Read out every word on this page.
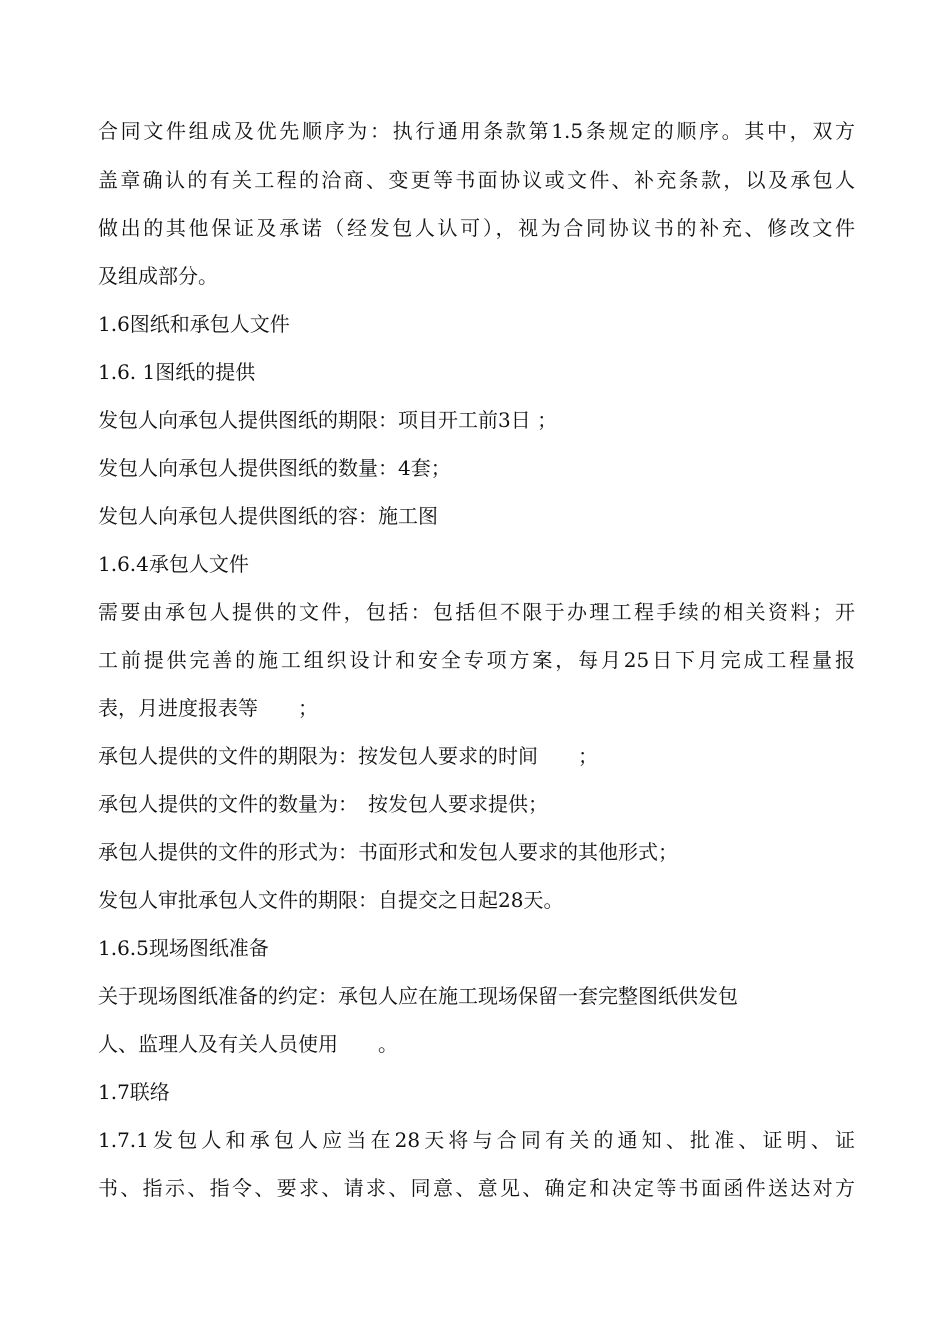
合同文件组成及优先顺序为：执行通用条款第1.5条规定的顺序。其中，双方
盖章确认的有关工程的洽商、变更等书面协议或文件、补充条款，以及承包人
做出的其他保证及承诺（经发包人认可），视为合同协议书的补充、修改文件
及组成部分。
1.6图纸和承包人文件
1.6. 1图纸的提供
发包人向承包人提供图纸的期限：项目开工前3日 ；
发包人向承包人提供图纸的数量：4套；
发包人向承包人提供图纸的容：施工图
1.6.4承包人文件
需要由承包人提供的文件，包括：包括但不限于办理工程手续的相关资料；开
工前提供完善的施工组织设计和安全专项方案，每月25日下月完成工程量报
表，月进度报表等　　；
承包人提供的文件的期限为：按发包人要求的时间　　；
承包人提供的文件的数量为：　按发包人要求提供；
承包人提供的文件的形式为：书面形式和发包人要求的其他形式；
发包人审批承包人文件的期限：自提交之日起28天。
1.6.5现场图纸准备
关于现场图纸准备的约定：承包人应在施工现场保留一套完整图纸供发包
人、监理人及有关人员使用　　。
1.7联络
1.7.1发包人和承包人应当在28天将与合同有关的通知、批准、证明、证
书、指示、指令、要求、请求、同意、意见、确定和决定等书面函件送达对方
